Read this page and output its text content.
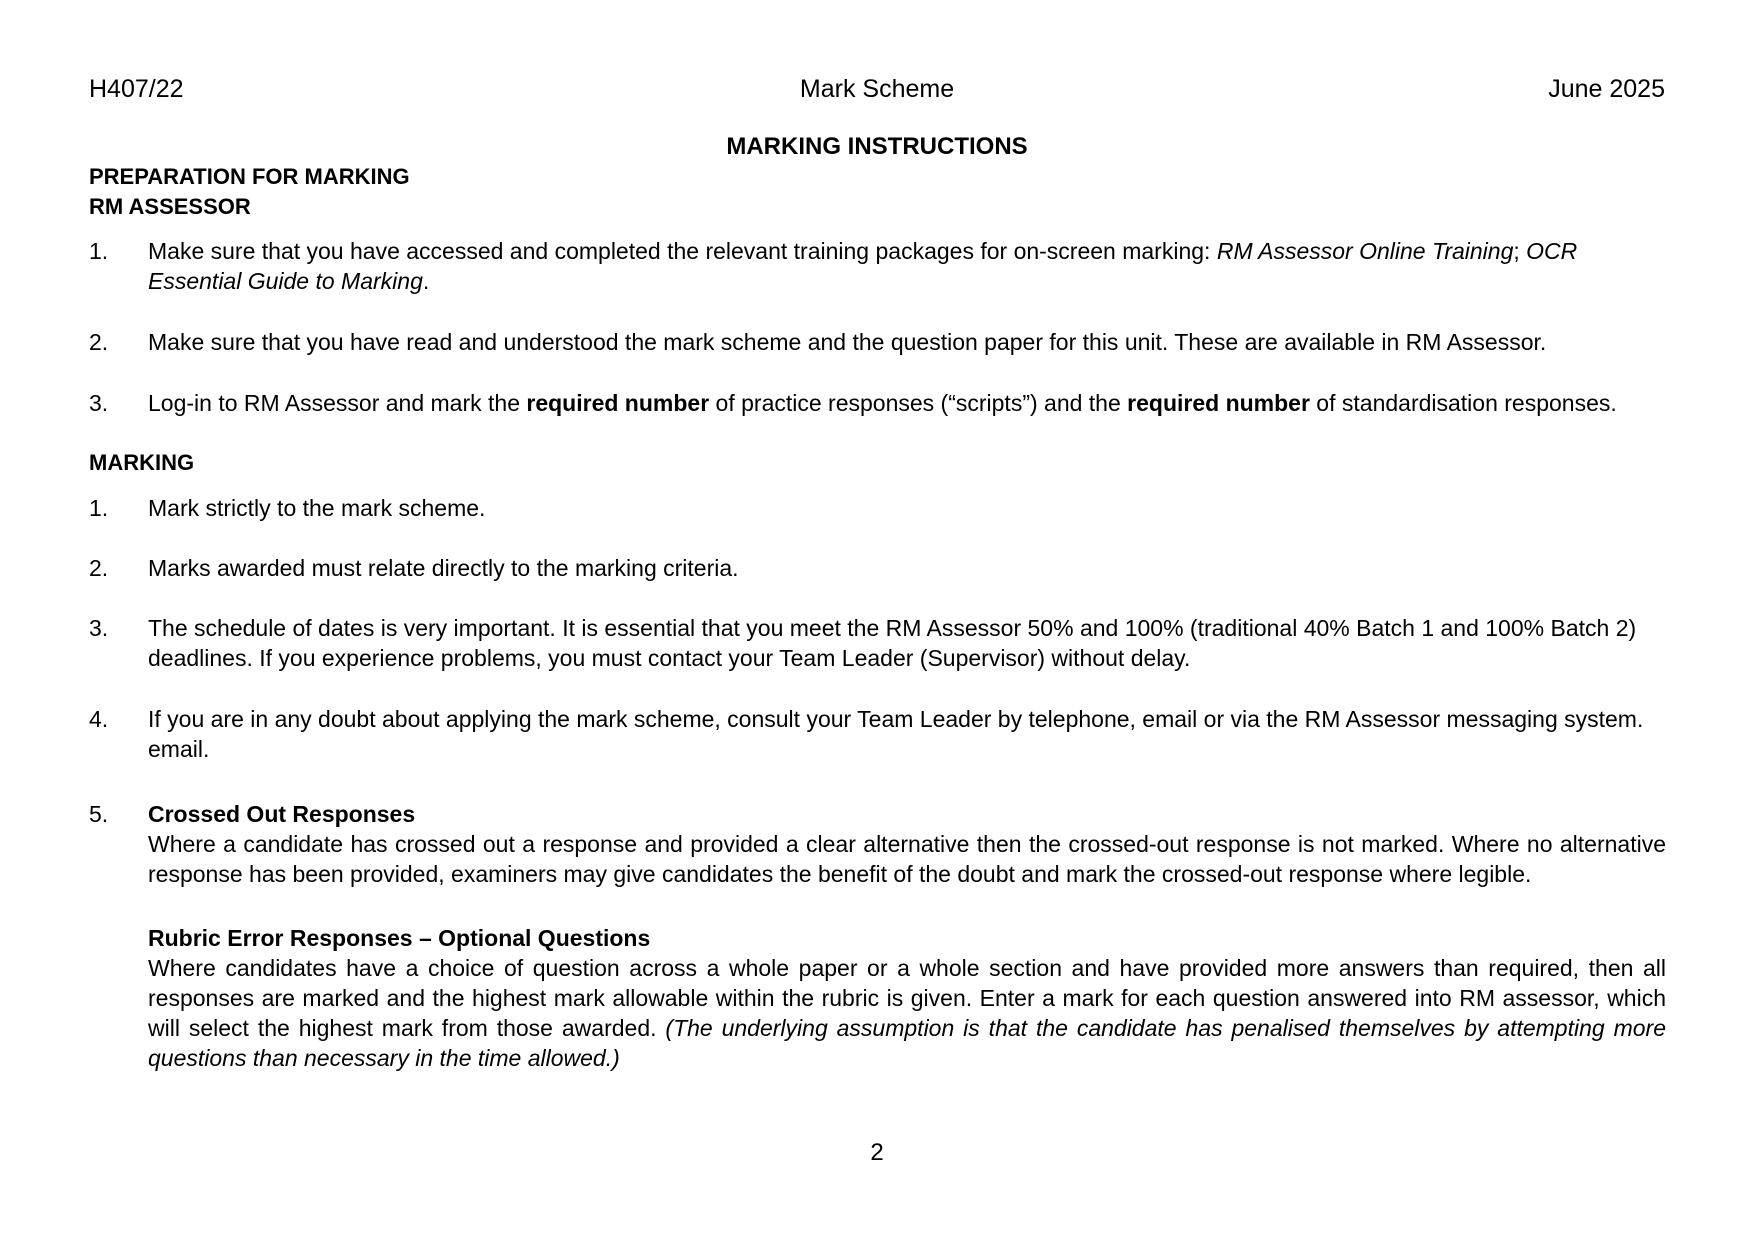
H407/22	Mark Scheme	June 2025
MARKING INSTRUCTIONS
PREPARATION FOR MARKING
RM ASSESSOR
1.	Make sure that you have accessed and completed the relevant training packages for on-screen marking: RM Assessor Online Training; OCR Essential Guide to Marking.
2.	Make sure that you have read and understood the mark scheme and the question paper for this unit. These are available in RM Assessor.
3.	Log-in to RM Assessor and mark the required number of practice responses (“scripts”) and the required number of standardisation responses.
MARKING
1.	Mark strictly to the mark scheme.
2.	Marks awarded must relate directly to the marking criteria.
3.	The schedule of dates is very important. It is essential that you meet the RM Assessor 50% and 100% (traditional 40% Batch 1 and 100% Batch 2) deadlines. If you experience problems, you must contact your Team Leader (Supervisor) without delay.
4.	If you are in any doubt about applying the mark scheme, consult your Team Leader by telephone, email or via the RM Assessor messaging system.
email.
5.	Crossed Out Responses
Where a candidate has crossed out a response and provided a clear alternative then the crossed-out response is not marked. Where no alternative response has been provided, examiners may give candidates the benefit of the doubt and mark the crossed-out response where legible.
Rubric Error Responses – Optional Questions
Where candidates have a choice of question across a whole paper or a whole section and have provided more answers than required, then all responses are marked and the highest mark allowable within the rubric is given. Enter a mark for each question answered into RM assessor, which will select the highest mark from those awarded. (The underlying assumption is that the candidate has penalised themselves by attempting more questions than necessary in the time allowed.)
2
